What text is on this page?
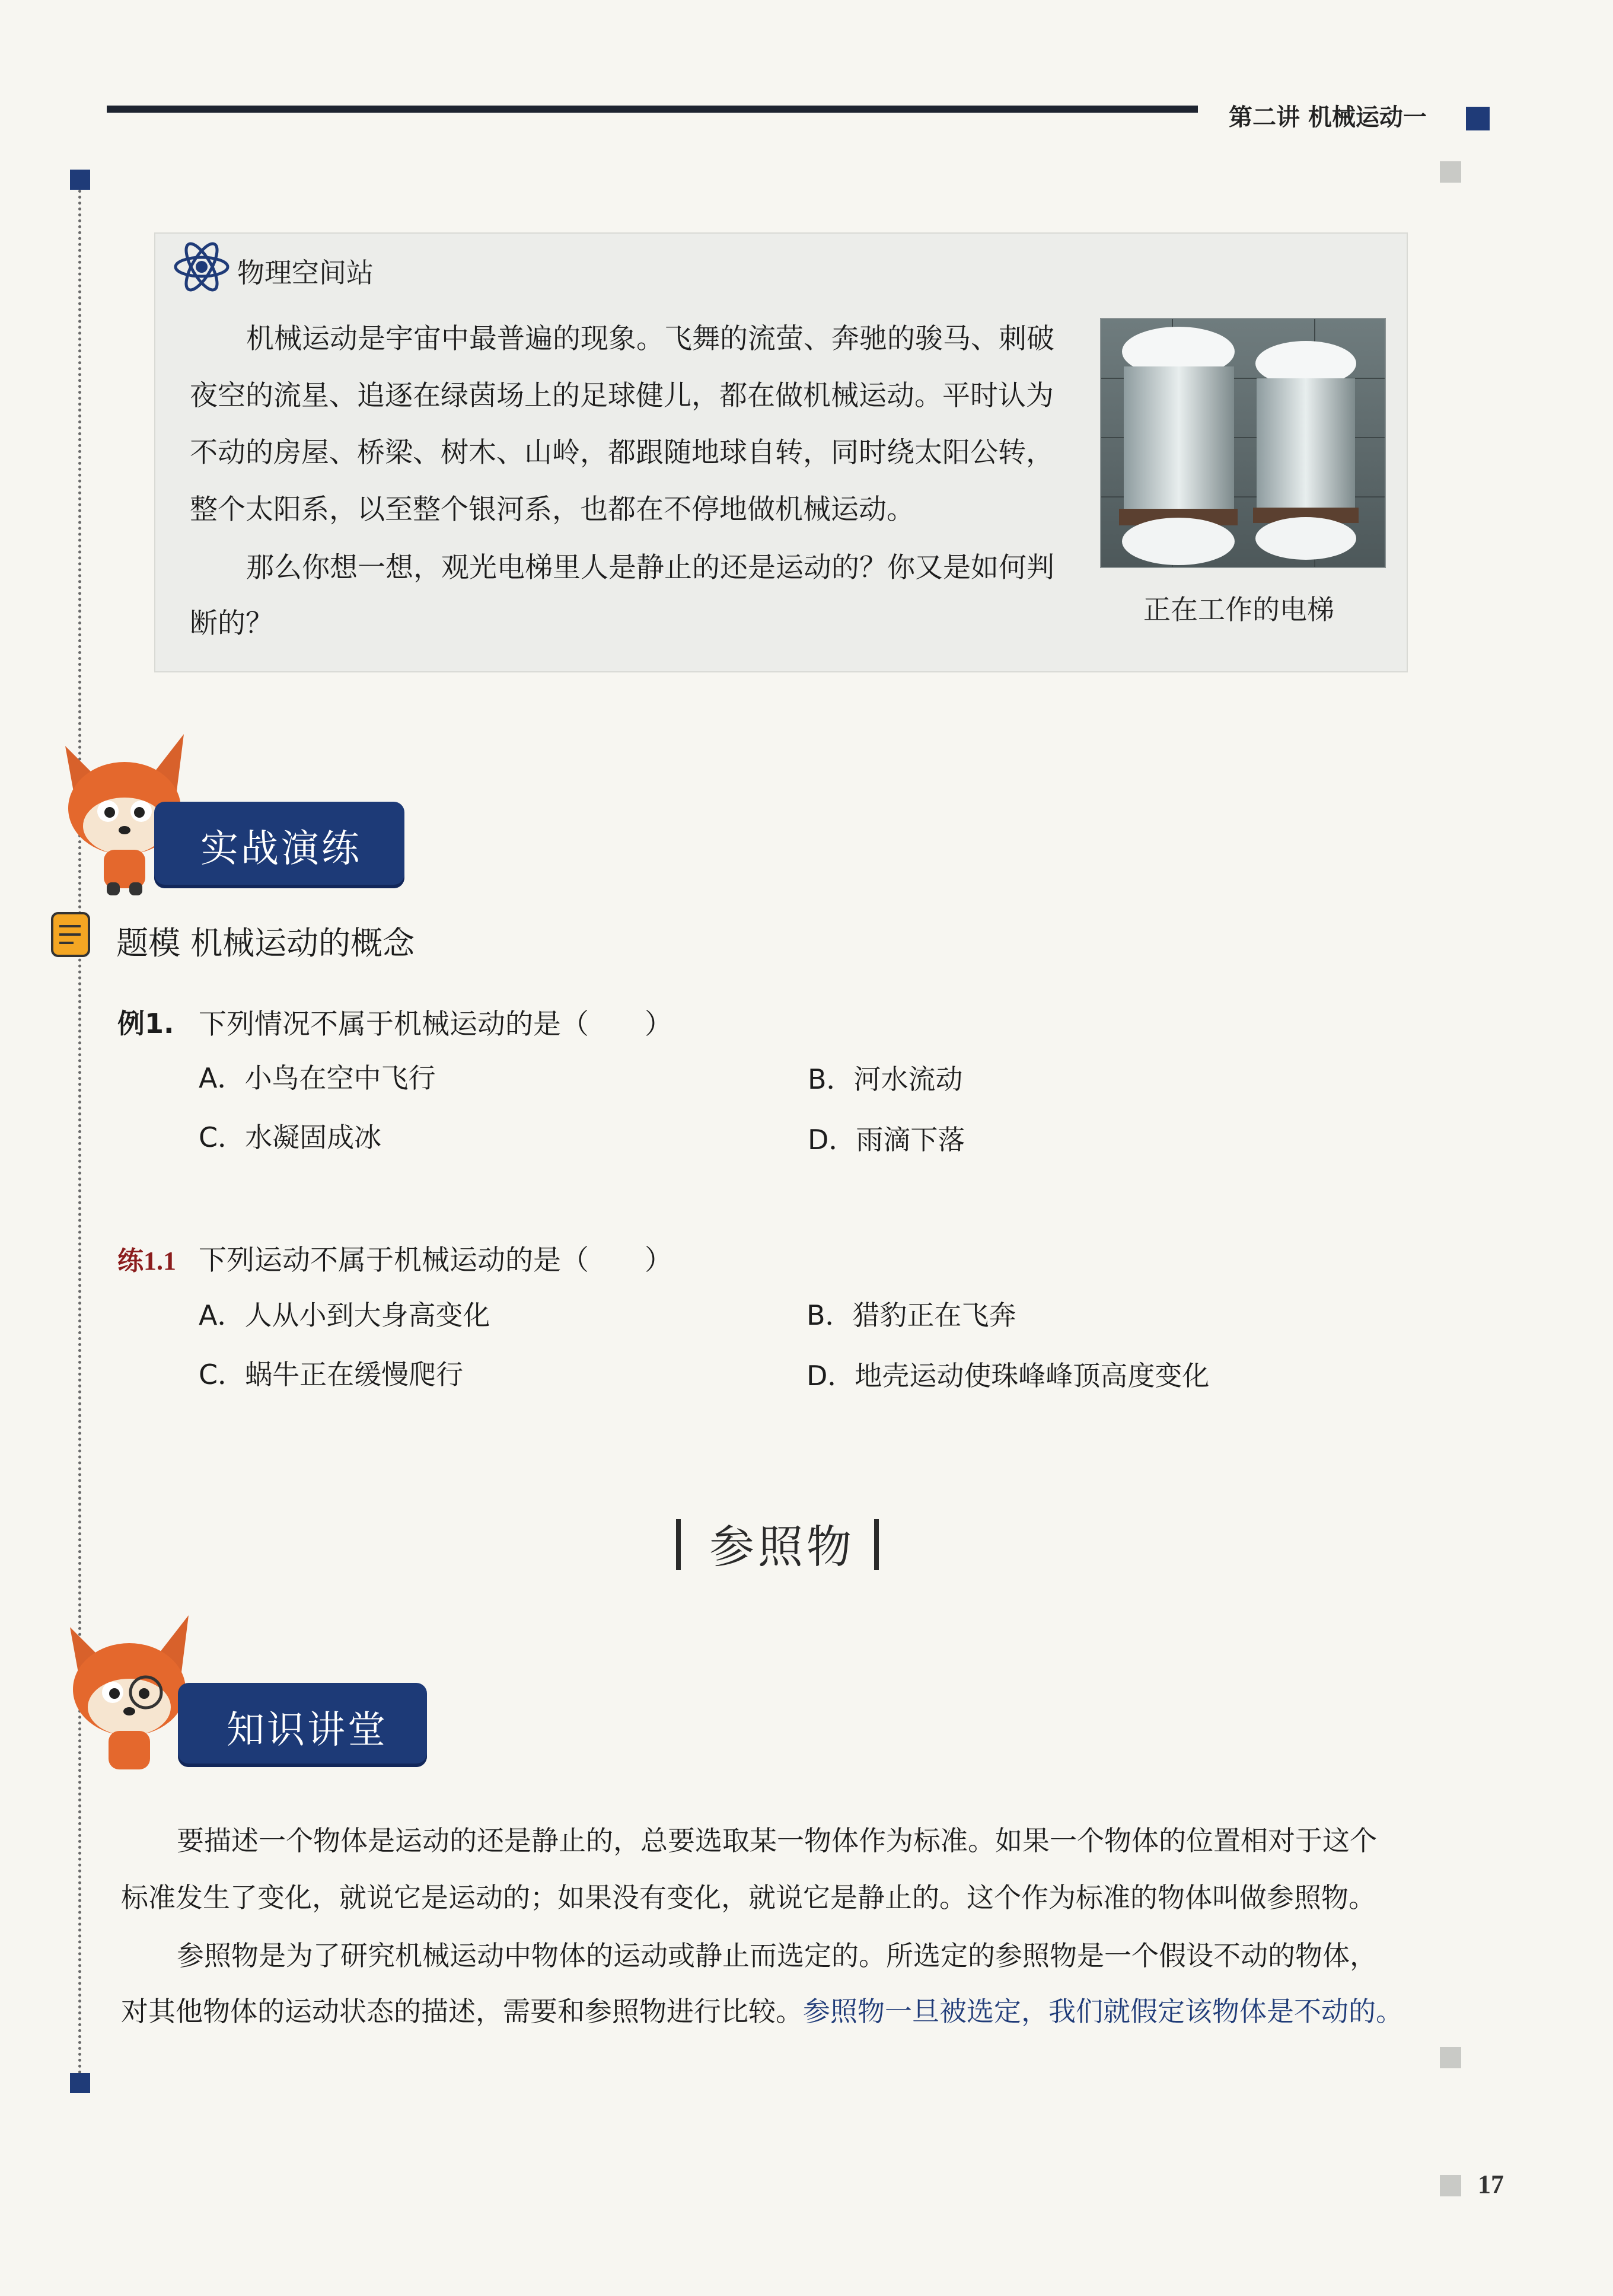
第二讲 机械运动一
物理空间站
机械运动是宇宙中最普遍的现象。飞舞的流萤、奔驰的骏马、刺破
夜空的流星、追逐在绿茵场上的足球健儿，都在做机械运动。平时认为
不动的房屋、桥梁、树木、山岭，都跟随地球自转，同时绕太阳公转，
整个太阳系，以至整个银河系，也都在不停地做机械运动。
那么你想一想，观光电梯里人是静止的还是运动的？你又是如何判
断的？	正在工作的电梯
实战演练
题模 机械运动的概念
例1. 下列情况不属于机械运动的是（　　）
A．小鸟在空中飞行	B．河水流动
C．水凝固成冰	D．雨滴下落
练1.1 下列运动不属于机械运动的是（　　）
A．人从小到大身高变化	B．猎豹正在飞奔
C．蜗牛正在缓慢爬行	D．地壳运动使珠峰峰顶高度变化
参照物
知识讲堂
要描述一个物体是运动的还是静止的，总要选取某一物体作为标准。如果一个物体的位置相对于这个
标准发生了变化，就说它是运动的；如果没有变化，就说它是静止的。这个作为标准的物体叫做参照物。
参照物是为了研究机械运动中物体的运动或静止而选定的。所选定的参照物是一个假设不动的物体，
对其他物体的运动状态的描述，需要和参照物进行比较。参照物一旦被选定，我们就假定该物体是不动的。
17
